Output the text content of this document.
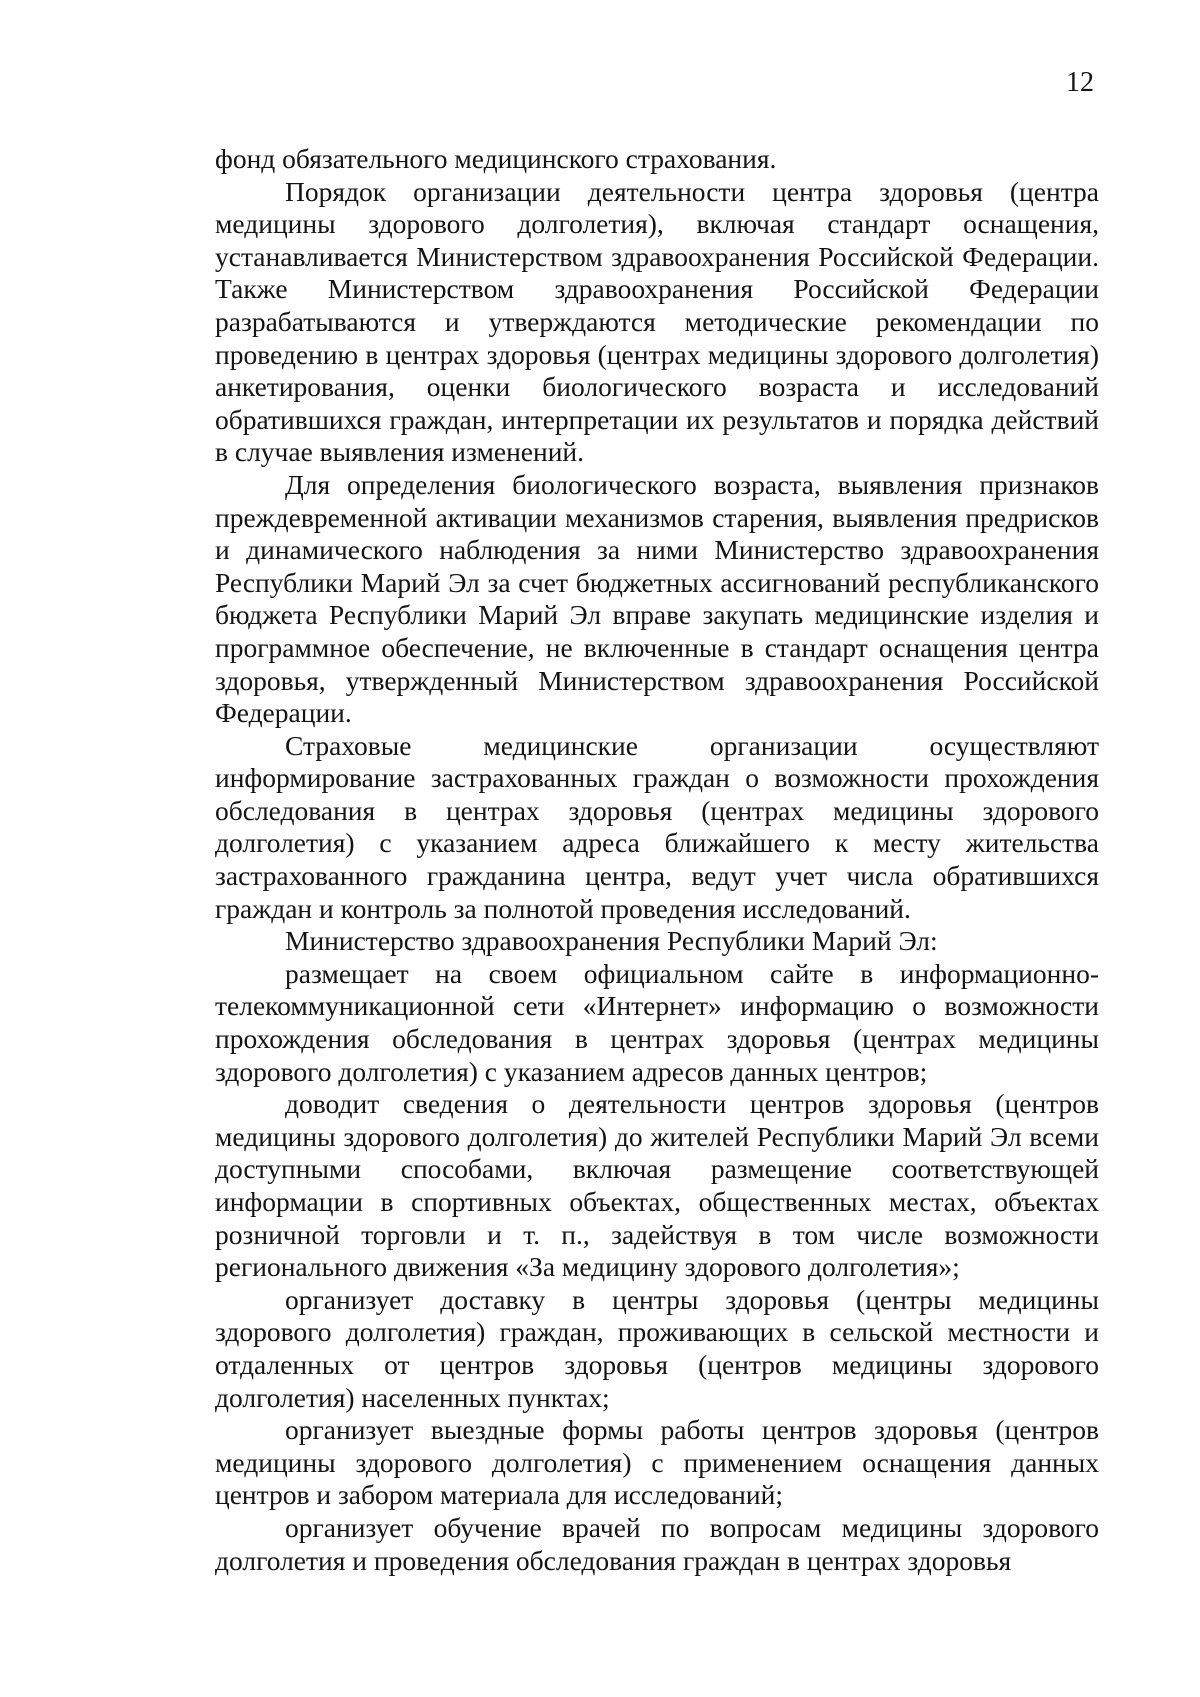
12

фонд обязательного медицинского страхования.

Порядок организации деятельности центра здоровья (центра медицины здорового долголетия), включая стандарт оснащения, устанавливается Министерством здравоохранения Российской Федерации. Также Министерством здравоохранения Российской Федерации разрабатываются и утверждаются методические рекомендации по проведению в центрах здоровья (центрах медицины здорового долголетия) анкетирования, оценки биологического возраста и исследований обратившихся граждан, интерпретации их результатов и порядка действий в случае выявления изменений.

Для определения биологического возраста, выявления признаков преждевременной активации механизмов старения, выявления предрисков и динамического наблюдения за ними Министерство здравоохранения Республики Марий Эл за счет бюджетных ассигнований республиканского бюджета Республики Марий Эл вправе закупать медицинские изделия и программное обеспечение, не включенные в стандарт оснащения центра здоровья, утвержденный Министерством здравоохранения Российской Федерации.

Страховые медицинские организации осуществляют информирование застрахованных граждан о возможности прохождения обследования в центрах здоровья (центрах медицины здорового долголетия) с указанием адреса ближайшего к месту жительства застрахованного гражданина центра, ведут учет числа обратившихся граждан и контроль за полнотой проведения исследований.

Министерство здравоохранения Республики Марий Эл:

размещает на своем официальном сайте в информационно-телекоммуникационной сети «Интернет» информацию о возможности прохождения обследования в центрах здоровья (центрах медицины здорового долголетия) с указанием адресов данных центров;

доводит сведения о деятельности центров здоровья (центров медицины здорового долголетия) до жителей Республики Марий Эл всеми доступными способами, включая размещение соответствующей информации в спортивных объектах, общественных местах, объектах розничной торговли и т. п., задействуя в том числе возможности регионального движения «За медицину здорового долголетия»;

организует доставку в центры здоровья (центры медицины здорового долголетия) граждан, проживающих в сельской местности и отдаленных от центров здоровья (центров медицины здорового долголетия) населенных пунктах;

организует выездные формы работы центров здоровья (центров медицины здорового долголетия) с применением оснащения данных центров и забором материала для исследований;

организует обучение врачей по вопросам медицины здорового долголетия и проведения обследования граждан в центрах здоровья
